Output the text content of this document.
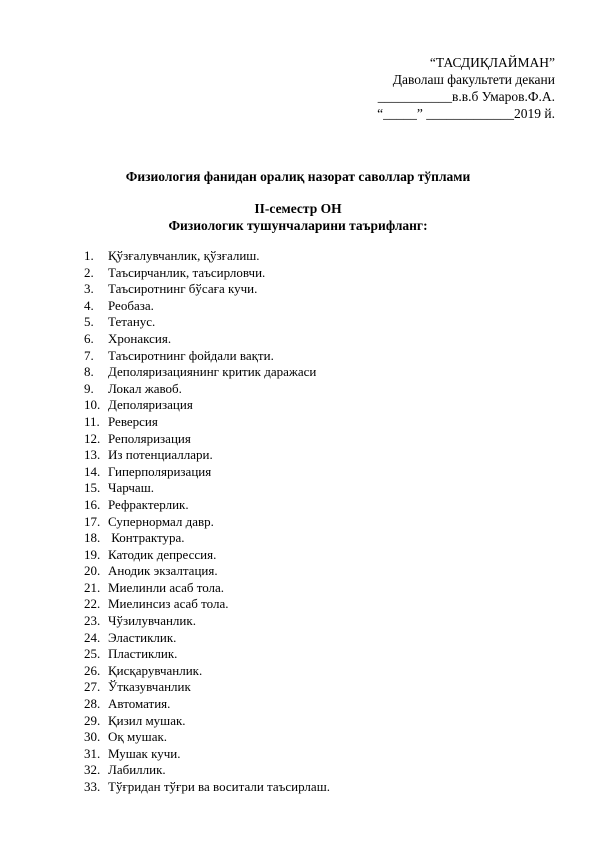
“ТАСДИҚЛАЙМАН”
Даволаш факультети декани
___________в.в.б Умаров.Ф.А.
“_____” _____________2019 й.
Физиология фанидан оралиқ назорат саволлар тўплами
II-семестр ОН
Физиологик тушунчаларини таърифланг:
1. Қўзғалувчанлик, қўзғалиш.
2. Таъсирчанлик, таъсирловчи.
3. Таъсиротнинг бўсаға кучи.
4. Реобаза.
5. Тетанус.
6. Хронаксия.
7. Таъсиротнинг фойдали вақти.
8. Деполяризациянинг критик даражаси
9. Локал жавоб.
10. Деполяризация
11. Реверсия
12. Реполяризация
13. Из потенциаллари.
14. Гиперполяризация
15. Чарчаш.
16. Рефрактерлик.
17. Супернормал давр.
18. Контрактура.
19. Катодик депрессия.
20. Анодик экзалтация.
21. Миелинли асаб тола.
22. Миелинсиз асаб тола.
23. Чўзилувчанлик.
24. Эластиклик.
25. Пластиклик.
26. Қисқарувчанлик.
27. Ўтказувчанлик
28. Автоматия.
29. Қизил мушак.
30. Оқ мушак.
31. Мушак кучи.
32. Лабиллик.
33. Тўғридан тўғри ва воситали таъсирлаш.
